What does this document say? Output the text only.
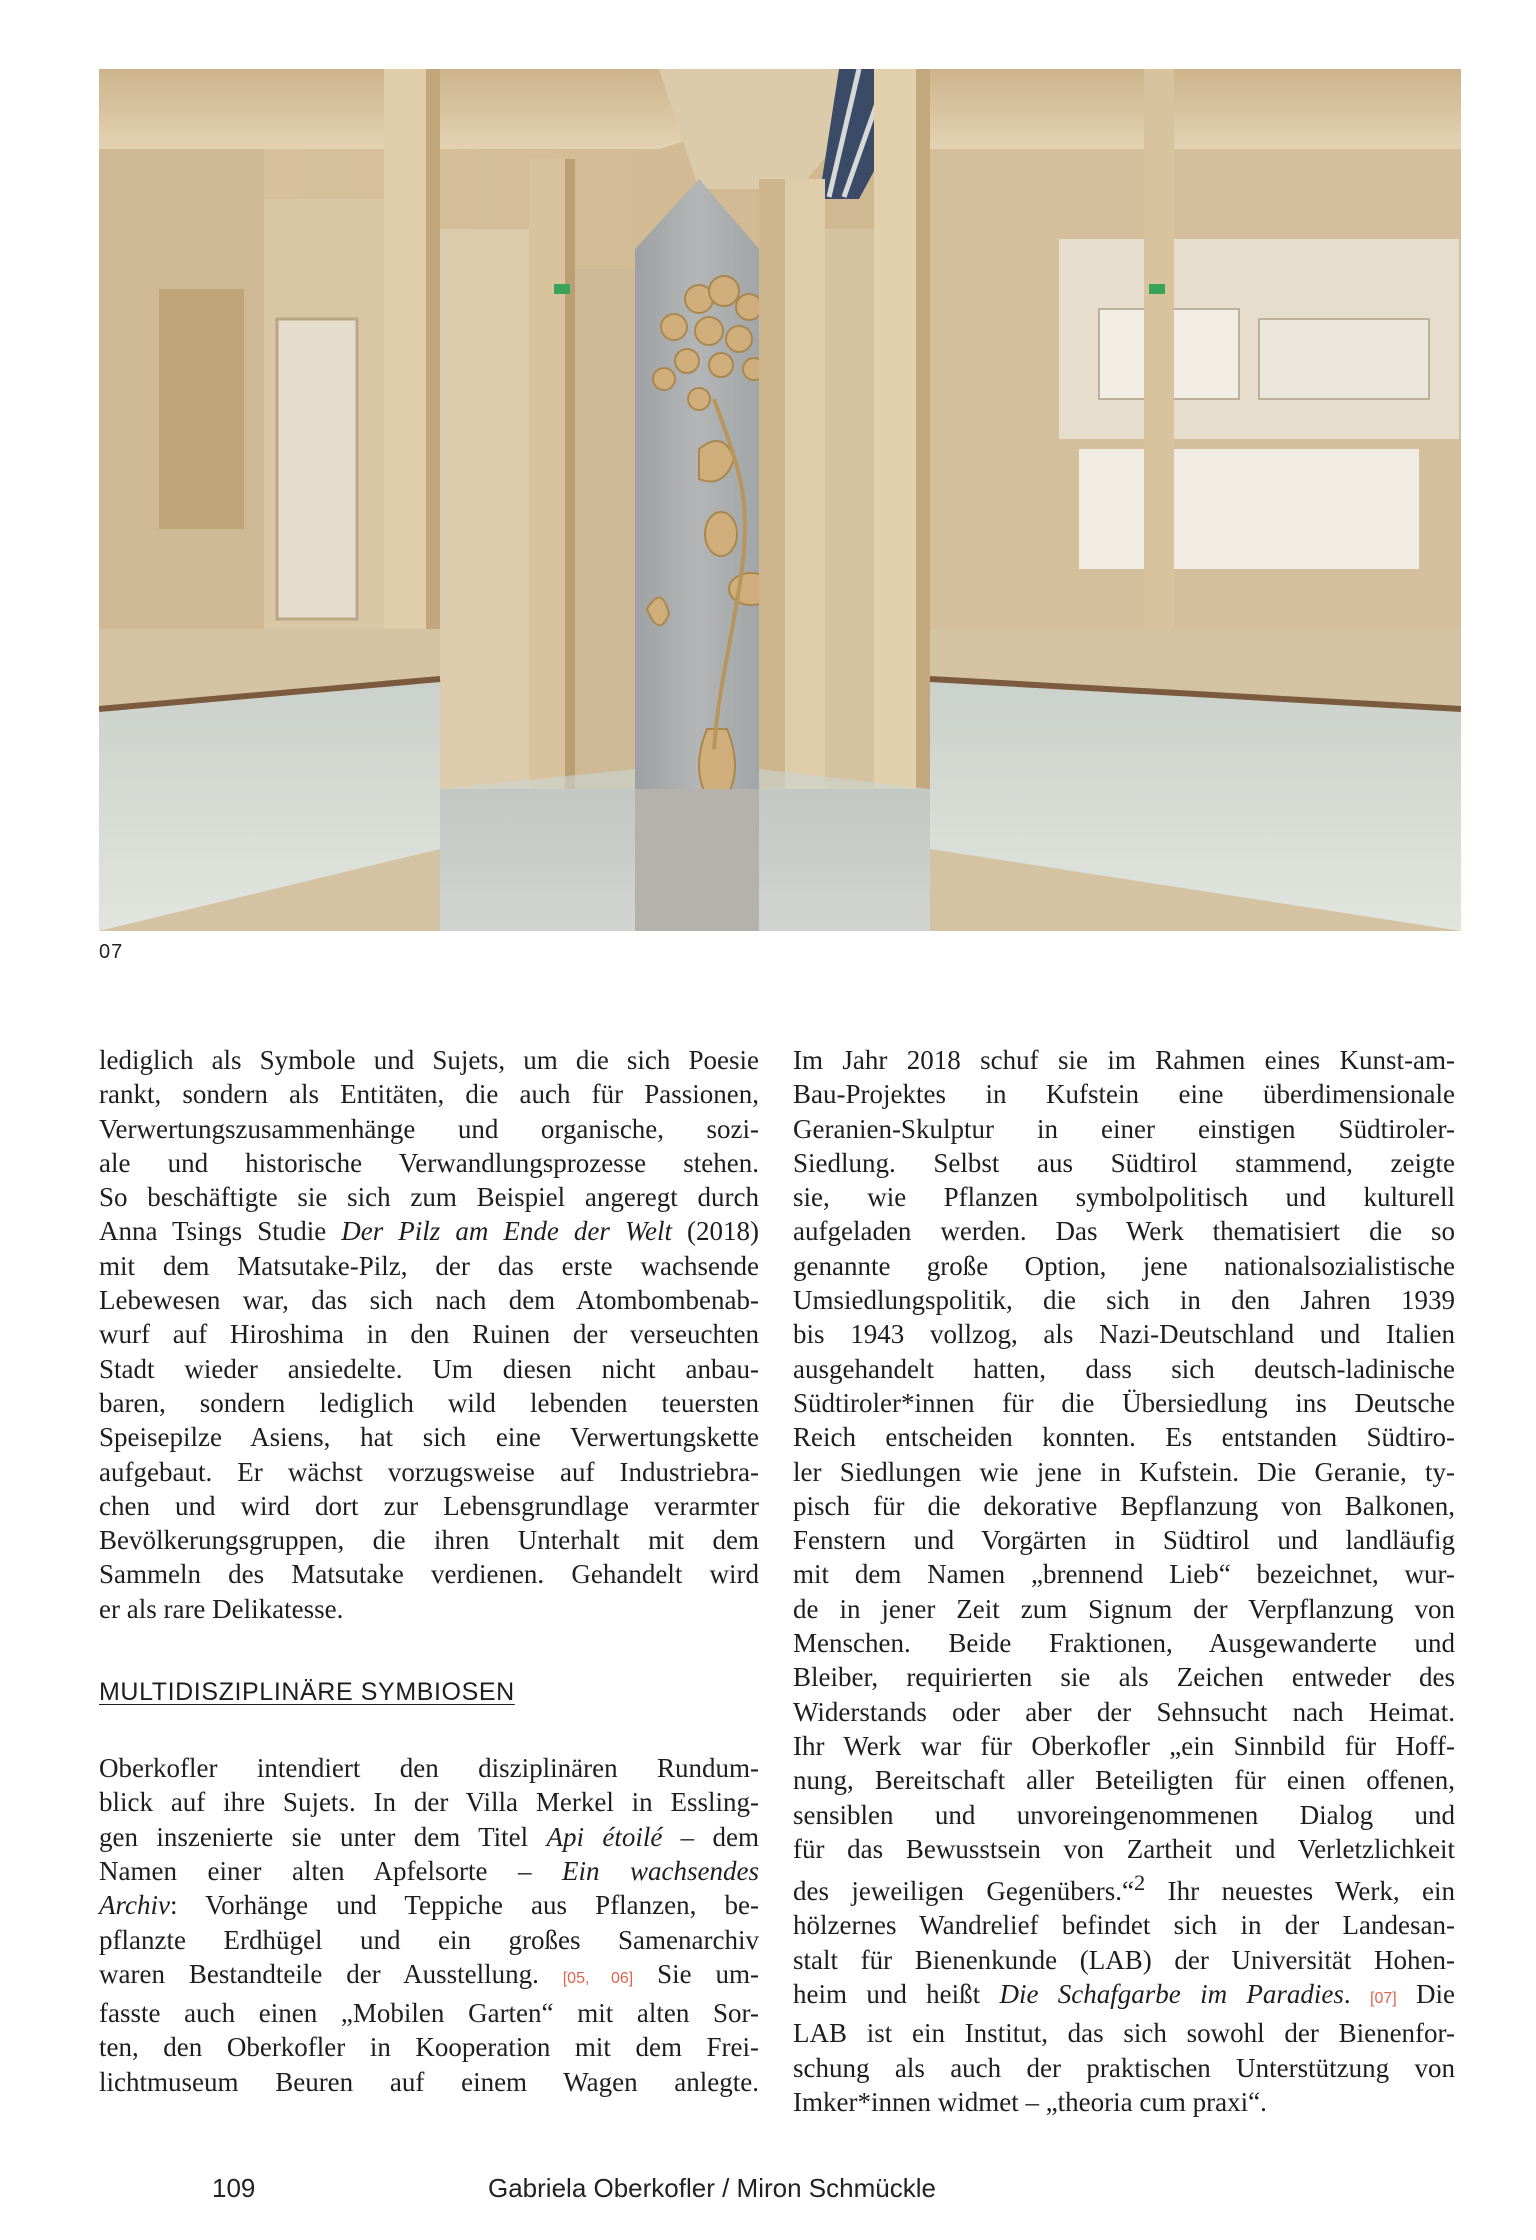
07

lediglich als Symbole und Sujets, um die sich Poesie
rankt, sondern als Entitäten, die auch für Passionen,
Verwertungszusammenhänge und organische, sozi-
ale und historische Verwandlungsprozesse stehen.
So beschäftigte sie sich zum Beispiel angeregt durch
Anna Tsings Studie Der Pilz am Ende der Welt (2018)
mit dem Matsutake-Pilz, der das erste wachsende
Lebewesen war, das sich nach dem Atombombenab-
wurf auf Hiroshima in den Ruinen der verseuchten
Stadt wieder ansiedelte. Um diesen nicht anbau-
baren, sondern lediglich wild lebenden teuersten
Speisepilze Asiens, hat sich eine Verwertungskette
aufgebaut. Er wächst vorzugsweise auf Industriebra-
chen und wird dort zur Lebensgrundlage verarmter
Bevölkerungsgruppen, die ihren Unterhalt mit dem
Sammeln des Matsutake verdienen. Gehandelt wird
er als rare Delikatesse.

MULTIDISZIPLINÄRE SYMBIOSEN

Oberkofler intendiert den disziplinären Rundum-
blick auf ihre Sujets. In der Villa Merkel in Essling-
gen inszenierte sie unter dem Titel Api étoilé – dem
Namen einer alten Apfelsorte – Ein wachsendes
Archiv: Vorhänge und Teppiche aus Pflanzen, be-
pflanzte Erdhügel und ein großes Samenarchiv
waren Bestandteile der Ausstellung. [05, 06] Sie um-
fasste auch einen „Mobilen Garten“ mit alten Sor-
ten, den Oberkofler in Kooperation mit dem Frei-
lichtmuseum Beuren auf einem Wagen anlegte.

Im Jahr 2018 schuf sie im Rahmen eines Kunst-am-
Bau-Projektes in Kufstein eine überdimensionale
Geranien-Skulptur in einer einstigen Südtiroler-
Siedlung. Selbst aus Südtirol stammend, zeigte
sie, wie Pflanzen symbolpolitisch und kulturell
aufgeladen werden. Das Werk thematisiert die so
genannte große Option, jene nationalsozialistische
Umsiedlungspolitik, die sich in den Jahren 1939
bis 1943 vollzog, als Nazi-Deutschland und Italien
ausgehandelt hatten, dass sich deutsch-ladinische
Südtiroler*innen für die Übersiedlung ins Deutsche
Reich entscheiden konnten. Es entstanden Südtiro-
ler Siedlungen wie jene in Kufstein. Die Geranie, ty-
pisch für die dekorative Bepflanzung von Balkonen,
Fenstern und Vorgärten in Südtirol und landläufig
mit dem Namen „brennend Lieb“ bezeichnet, wur-
de in jener Zeit zum Signum der Verpflanzung von
Menschen. Beide Fraktionen, Ausgewanderte und
Bleiber, requirierten sie als Zeichen entweder des
Widerstands oder aber der Sehnsucht nach Heimat.
Ihr Werk war für Oberkofler „ein Sinnbild für Hoff-
nung, Bereitschaft aller Beteiligten für einen offenen,
sensiblen und unvoreingenommenen Dialog und
für das Bewusstsein von Zartheit und Verletzlichkeit
des jeweiligen Gegenübers.“$^2$ Ihr neuestes Werk, ein
hölzernes Wandrelief befindet sich in der Landesan-
stalt für Bienenkunde (LAB) der Universität Hohen-
heim und heißt Die Schafgarbe im Paradies. [07] Die
LAB ist ein Institut, das sich sowohl der Bienenfor-
schung als auch der praktischen Unterstützung von
Imker*innen widmet – „theoria cum praxi“.

109	Gabriela Oberkofler / Miron Schmückle
